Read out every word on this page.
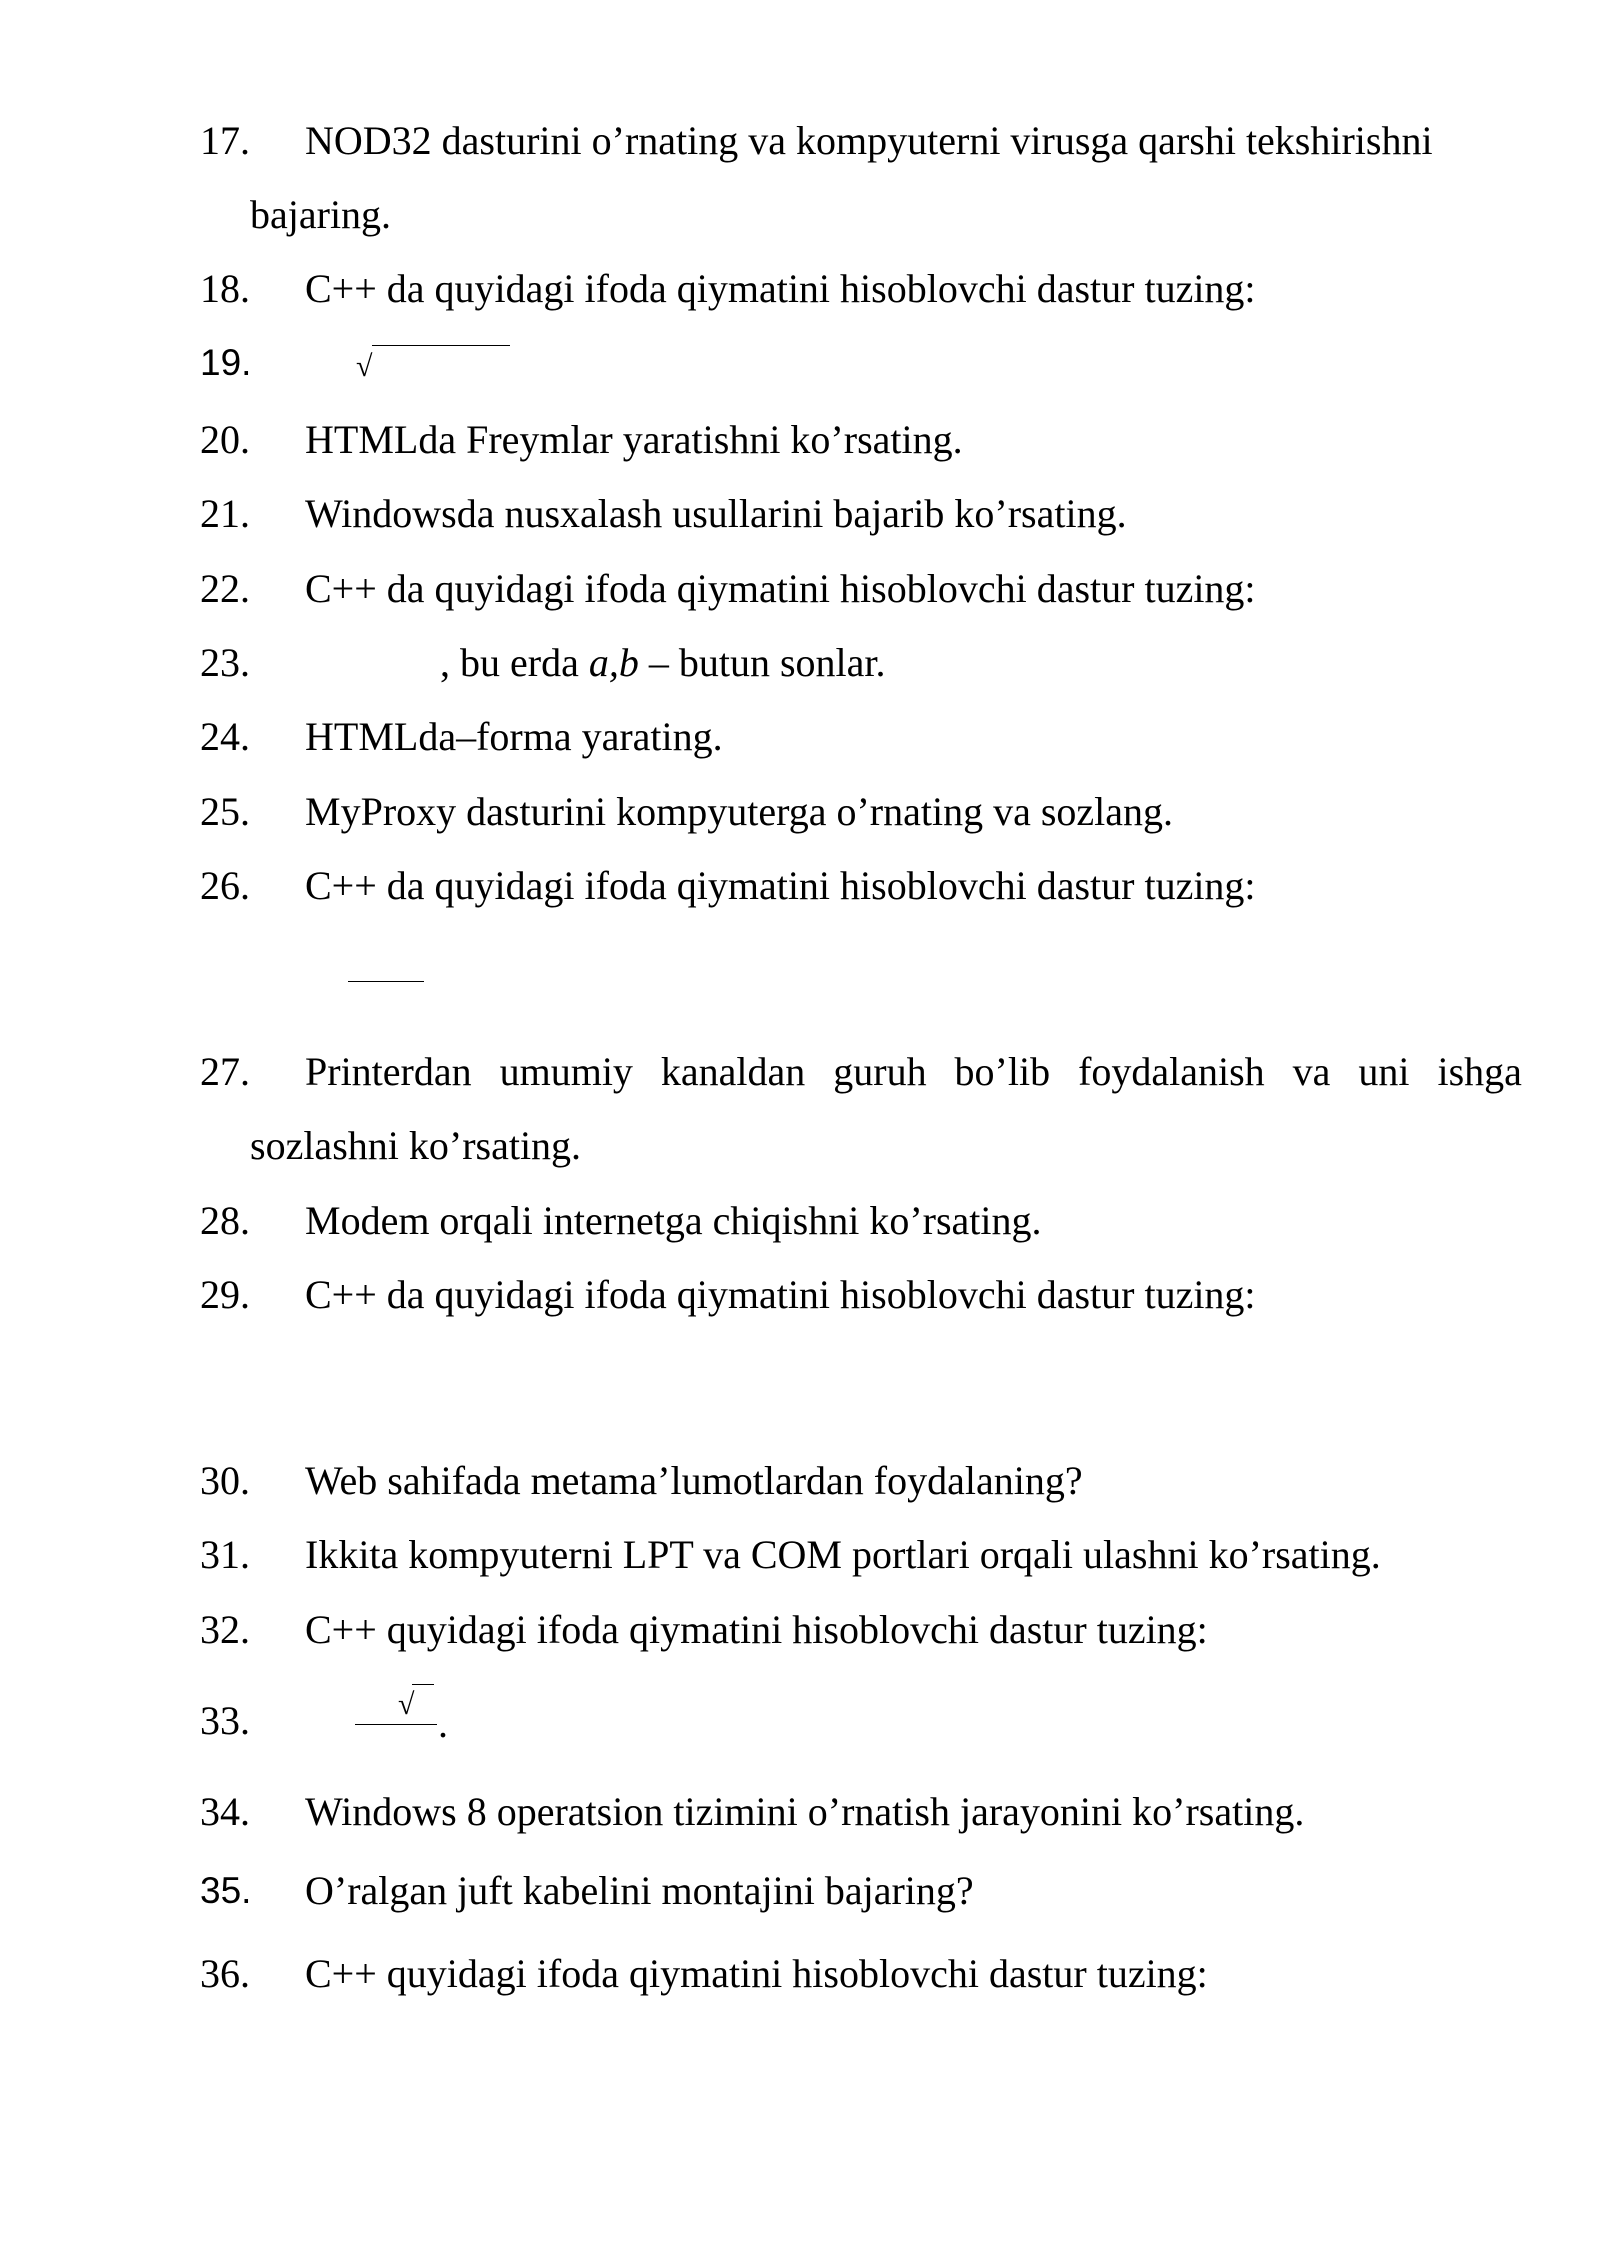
17.	NOD32 dasturini o’rnating va kompyuterni virusga qarshi tekshirishni
bajaring.
18.	C++ da quyidagi ifoda qiymatini hisoblovchi dastur tuzing:
19.	√
20.	HTMLda Freymlar yaratishni ko’rsating.
21.	Windowsda nusxalash usullarini bajarib ko’rsating.
22.	C++ da quyidagi ifoda qiymatini hisoblovchi dastur tuzing:
23.	, bu erda a,b – butun sonlar.
24.	HTMLda–forma yarating.
25.	MyProxy dasturini kompyuterga o’rnating va sozlang.
26.	C++ da quyidagi ifoda qiymatini hisoblovchi dastur tuzing:
27.	Printerdan umumiy kanaldan guruh bo’lib foydalanish va uni ishga
sozlashni ko’rsating.
28.	Modem orqali internetga chiqishni ko’rsating.
29.	C++ da quyidagi ifoda qiymatini hisoblovchi dastur tuzing:
30.	Web sahifada metama’lumotlardan foydalaning?
31.	Ikkita kompyuterni LPT va COM portlari orqali ulashni ko’rsating.
32.	C++ quyidagi ifoda qiymatini hisoblovchi dastur tuzing:
33.	√ .
34.	Windows 8 operatsion tizimini o’rnatish jarayonini ko’rsating.
35.	O’ralgan juft kabelini montajini bajaring?
36.	C++ quyidagi ifoda qiymatini hisoblovchi dastur tuzing:
